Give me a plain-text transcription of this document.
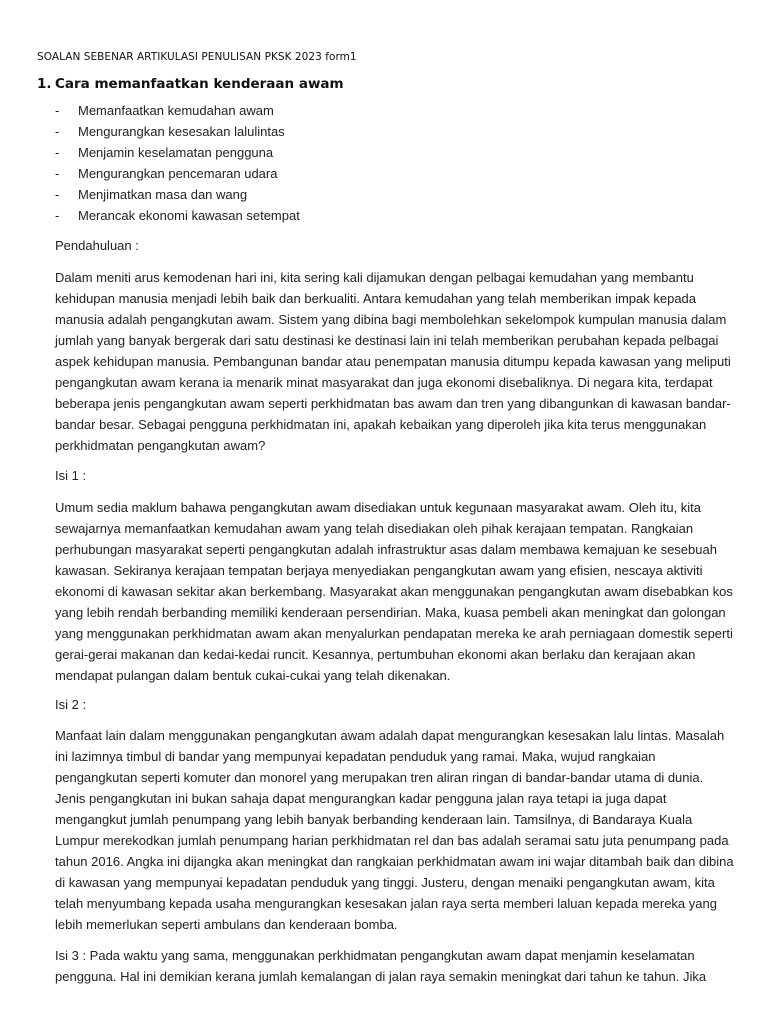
SOALAN SEBENAR ARTIKULASI PENULISAN PKSK 2023 form1
1. Cara memanfaatkan kenderaan awam
- Memanfaatkan kemudahan awam
- Mengurangkan kesesakan lalulintas
- Menjamin keselamatan pengguna
- Mengurangkan pencemaran udara
- Menjimatkan masa dan wang
- Merancak ekonomi kawasan setempat

Pendahuluan :

Dalam meniti arus kemodenan hari ini, kita sering kali dijamukan dengan pelbagai kemudahan yang membantu
kehidupan manusia menjadi lebih baik dan berkualiti. Antara kemudahan yang telah memberikan impak kepada
manusia adalah pengangkutan awam. Sistem yang dibina bagi membolehkan sekelompok kumpulan manusia dalam
jumlah yang banyak bergerak dari satu destinasi ke destinasi lain ini telah memberikan perubahan kepada pelbagai
aspek kehidupan manusia. Pembangunan bandar atau penempatan manusia ditumpu kepada kawasan yang meliputi
pengangkutan awam kerana ia menarik minat masyarakat dan juga ekonomi disebaliknya. Di negara kita, terdapat
beberapa jenis pengangkutan awam seperti perkhidmatan bas awam dan tren yang dibangunkan di kawasan bandar-
bandar besar. Sebagai pengguna perkhidmatan ini, apakah kebaikan yang diperoleh jika kita terus menggunakan
perkhidmatan pengangkutan awam?

Isi 1 :

Umum sedia maklum bahawa pengangkutan awam disediakan untuk kegunaan masyarakat awam. Oleh itu, kita
sewajarnya memanfaatkan kemudahan awam yang telah disediakan oleh pihak kerajaan tempatan. Rangkaian
perhubungan masyarakat seperti pengangkutan adalah infrastruktur asas dalam membawa kemajuan ke sesebuah
kawasan. Sekiranya kerajaan tempatan berjaya menyediakan pengangkutan awam yang efisien, nescaya aktiviti
ekonomi di kawasan sekitar akan berkembang. Masyarakat akan menggunakan pengangkutan awam disebabkan kos
yang lebih rendah berbanding memiliki kenderaan persendirian. Maka, kuasa pembeli akan meningkat dan golongan
yang menggunakan perkhidmatan awam akan menyalurkan pendapatan mereka ke arah perniagaan domestik seperti
gerai-gerai makanan dan kedai-kedai runcit. Kesannya, pertumbuhan ekonomi akan berlaku dan kerajaan akan
mendapat pulangan dalam bentuk cukai-cukai yang telah dikenakan.

Isi 2 :

Manfaat lain dalam menggunakan pengangkutan awam adalah dapat mengurangkan kesesakan lalu lintas. Masalah
ini lazimnya timbul di bandar yang mempunyai kepadatan penduduk yang ramai. Maka, wujud rangkaian
pengangkutan seperti komuter dan monorel yang merupakan tren aliran ringan di bandar-bandar utama di dunia.
Jenis pengangkutan ini bukan sahaja dapat mengurangkan kadar pengguna jalan raya tetapi ia juga dapat
mengangkut jumlah penumpang yang lebih banyak berbanding kenderaan lain. Tamsilnya, di Bandaraya Kuala
Lumpur merekodkan jumlah penumpang harian perkhidmatan rel dan bas adalah seramai satu juta penumpang pada
tahun 2016. Angka ini dijangka akan meningkat dan rangkaian perkhidmatan awam ini wajar ditambah baik dan dibina
di kawasan yang mempunyai kepadatan penduduk yang tinggi. Justeru, dengan menaiki pengangkutan awam, kita
telah menyumbang kepada usaha mengurangkan kesesakan jalan raya serta memberi laluan kepada mereka yang
lebih memerlukan seperti ambulans dan kenderaan bomba.

Isi 3 : Pada waktu yang sama, menggunakan perkhidmatan pengangkutan awam dapat menjamin keselamatan
pengguna. Hal ini demikian kerana jumlah kemalangan di jalan raya semakin meningkat dari tahun ke tahun. Jika
